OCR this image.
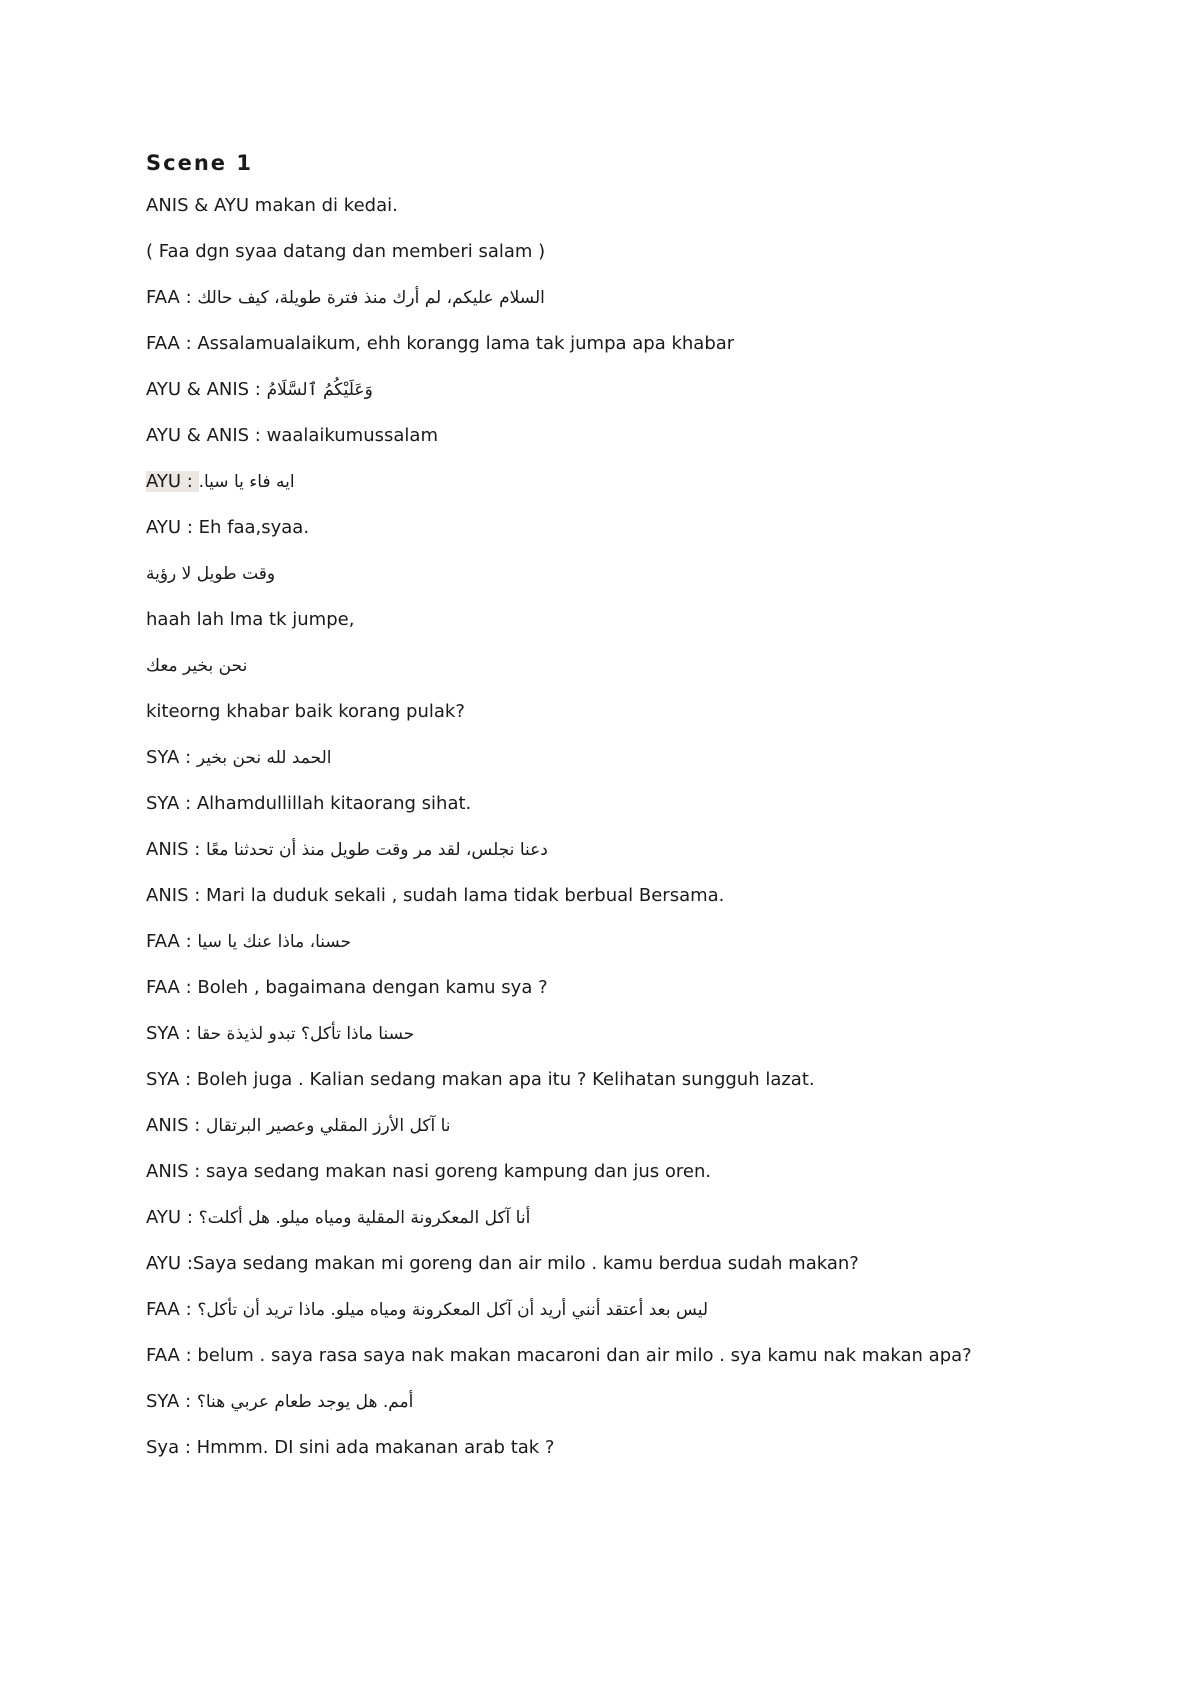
Scene 1
ANIS & AYU makan di kedai.
( Faa dgn syaa datang dan memberi salam )
FAA : السلام عليكم، لم أرك منذ فترة طويلة، كيف حالك
FAA : Assalamualaikum, ehh korangg lama tak jumpa apa khabar
AYU & ANIS : وَعَلَيْكُمُ ٱلسَّلَامُ
AYU & ANIS : waalaikumussalam
AYU : ايه فاء يا سيا.
AYU : Eh faa,syaa.
وقت طويل لا رؤية
haah lah lma tk jumpe,
نحن بخير معك
kiteorng khabar baik korang pulak?
SYA : الحمد لله نحن بخير
SYA : Alhamdullillah kitaorang sihat.
ANIS : دعنا نجلس، لقد مر وقت طويل منذ أن تحدثنا معًا
ANIS : Mari la duduk sekali , sudah lama tidak berbual Bersama.
FAA : حسنا، ماذا عنك يا سيا
FAA : Boleh , bagaimana dengan kamu sya ?
SYA : حسنا ماذا تأكل؟ تبدو لذيذة حقا
SYA : Boleh juga . Kalian sedang makan apa itu ? Kelihatan sungguh lazat.
ANIS : نا آكل الأرز المقلي وعصير البرتقال
ANIS : saya sedang makan nasi goreng kampung dan jus oren.
AYU : أنا آكل المعكرونة المقلية ومياه ميلو. هل أكلت؟
AYU :Saya sedang makan mi goreng dan air milo . kamu berdua sudah makan?
FAA : ليس بعد أعتقد أنني أريد أن آكل المعكرونة ومياه ميلو. ماذا تريد أن تأكل؟
FAA : belum . saya rasa saya nak makan macaroni dan air milo . sya kamu nak makan apa?
SYA : أمم. هل يوجد طعام عربي هنا؟
Sya : Hmmm. DI sini ada makanan arab tak ?
